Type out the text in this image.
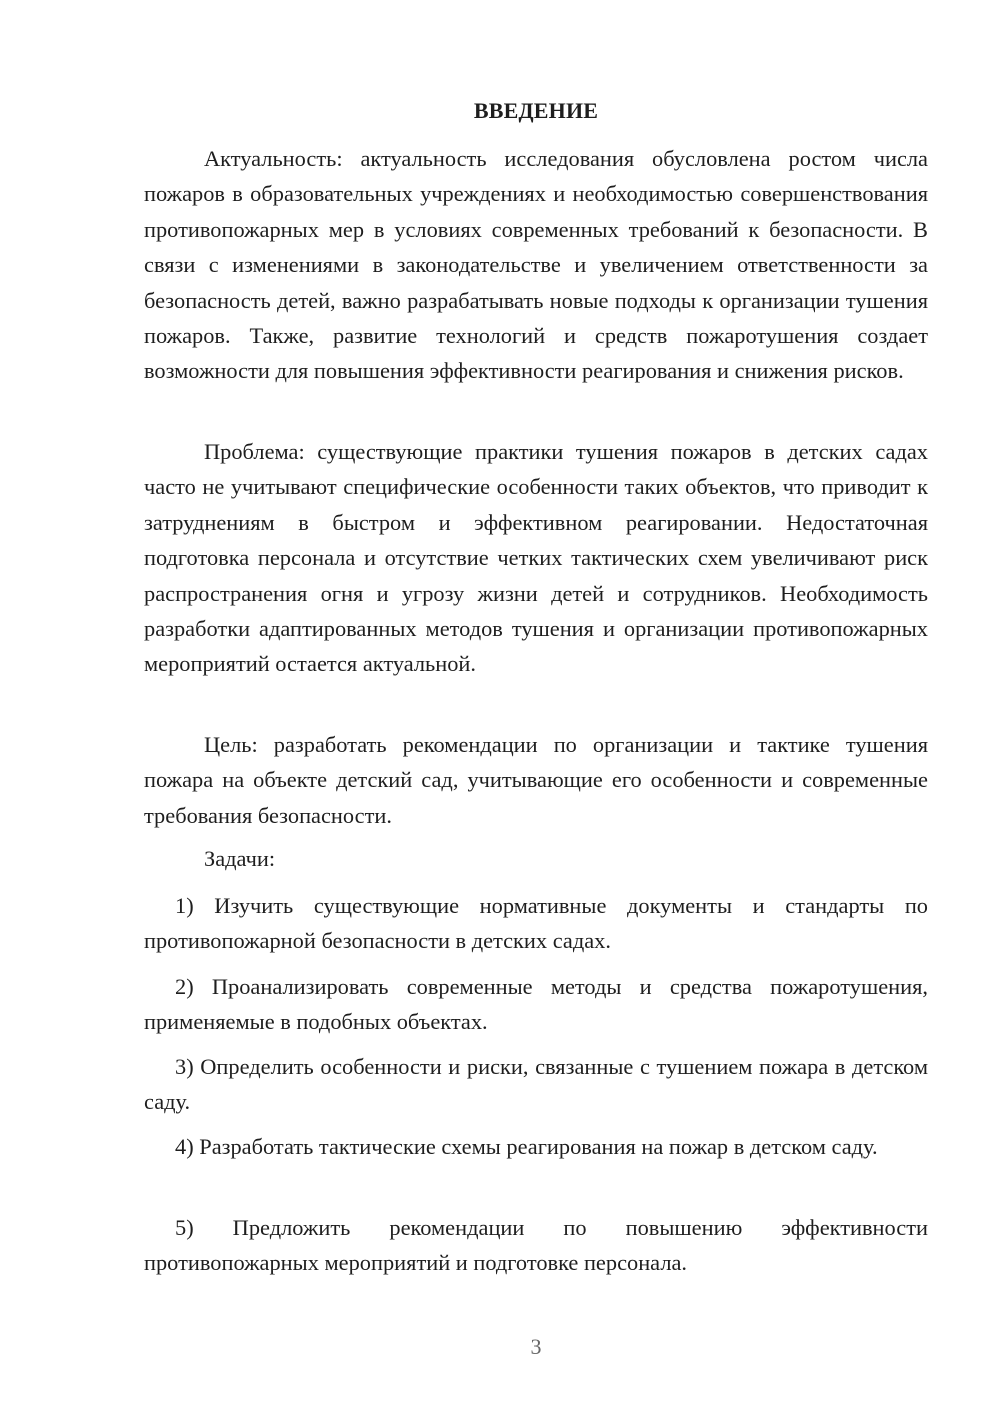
ВВЕДЕНИЕ

Актуальность: актуальность исследования обусловлена ростом числа пожаров в образовательных учреждениях и необходимостью совершенствования противопожарных мер в условиях современных требований к безопасности. В связи с изменениями в законодательстве и увеличением ответственности за безопасность детей, важно разрабатывать новые подходы к организации тушения пожаров. Также, развитие технологий и средств пожаротушения создает возможности для повышения эффективности реагирования и снижения рисков.

Проблема: существующие практики тушения пожаров в детских садах часто не учитывают специфические особенности таких объектов, что приводит к затруднениям в быстром и эффективном реагировании. Недостаточная подготовка персонала и отсутствие четких тактических схем увеличивают риск распространения огня и угрозу жизни детей и сотрудников. Необходимость разработки адаптированных методов тушения и организации противопожарных мероприятий остается актуальной.

Цель: разработать рекомендации по организации и тактике тушения пожара на объекте детский сад, учитывающие его особенности и современные требования безопасности.

Задачи:

1) Изучить существующие нормативные документы и стандарты по противопожарной безопасности в детских садах.

2) Проанализировать современные методы и средства пожаротушения, применяемые в подобных объектах.

3) Определить особенности и риски, связанные с тушением пожара в детском саду.

4) Разработать тактические схемы реагирования на пожар в детском саду.

5) Предложить рекомендации по повышению эффективности противопожарных мероприятий и подготовке персонала.

3
